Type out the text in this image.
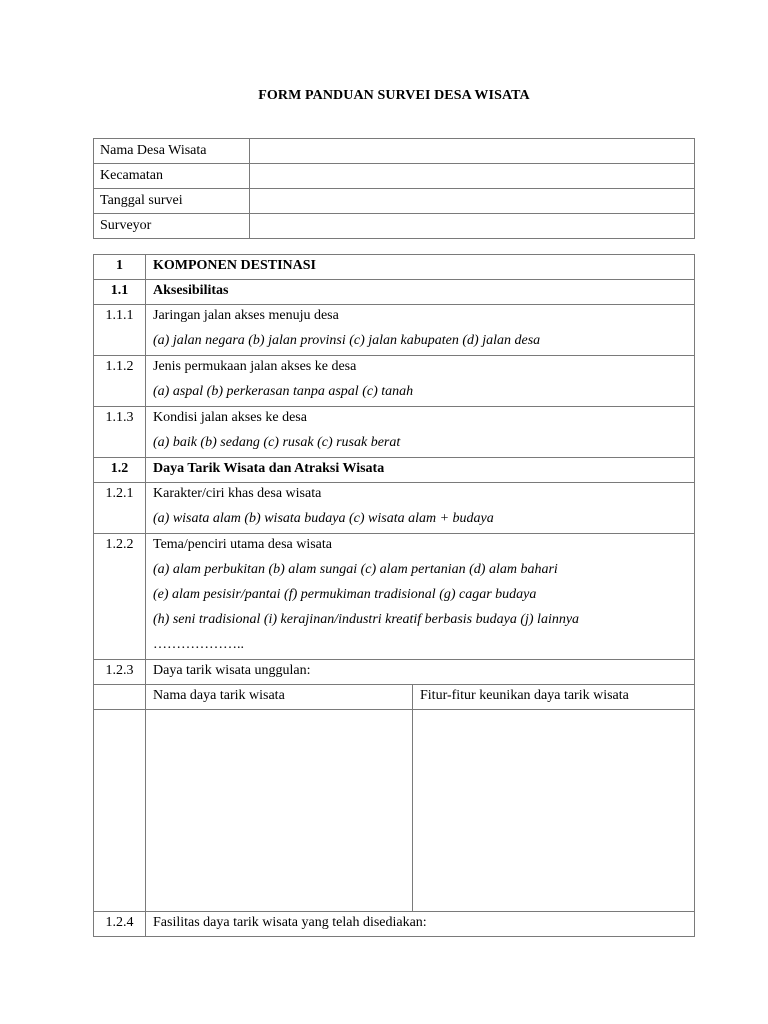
FORM PANDUAN SURVEI DESA WISATA
Nama Desa Wisata	
Kecamatan	
Tanggal survei	
Surveyor	
1	KOMPONEN DESTINASI	
1.1	Aksesibilitas	
1.1.1	Jaringan jalan akses menuju desa
(a) jalan negara (b) jalan provinsi (c) jalan kabupaten (d) jalan desa	

1.1.2	Jenis permukaan jalan akses ke desa
(a) aspal (b) perkerasan tanpa aspal (c) tanah	

1.1.3	Kondisi jalan akses ke desa
(a) baik (b) sedang (c) rusak (c) rusak berat	

1.2	Daya Tarik Wisata dan Atraksi Wisata	
1.2.1	Karakter/ciri khas desa wisata
(a) wisata alam (b) wisata budaya (c) wisata alam + budaya	

1.2.2	Tema/penciri utama desa wisata
(a) alam perbukitan (b) alam sungai (c) alam pertanian (d) alam bahari
(e) alam pesisir/pantai (f) permukiman tradisional (g) cagar budaya
(h) seni tradisional (i) kerajinan/industri kreatif berbasis budaya (j) lainnya
………………..	

1.2.3	Daya tarik wisata unggulan:	
	Nama daya tarik wisata	Fitur-fitur keunikan daya tarik wisata

1.2.4	Fasilitas daya tarik wisata yang telah disediakan:	
